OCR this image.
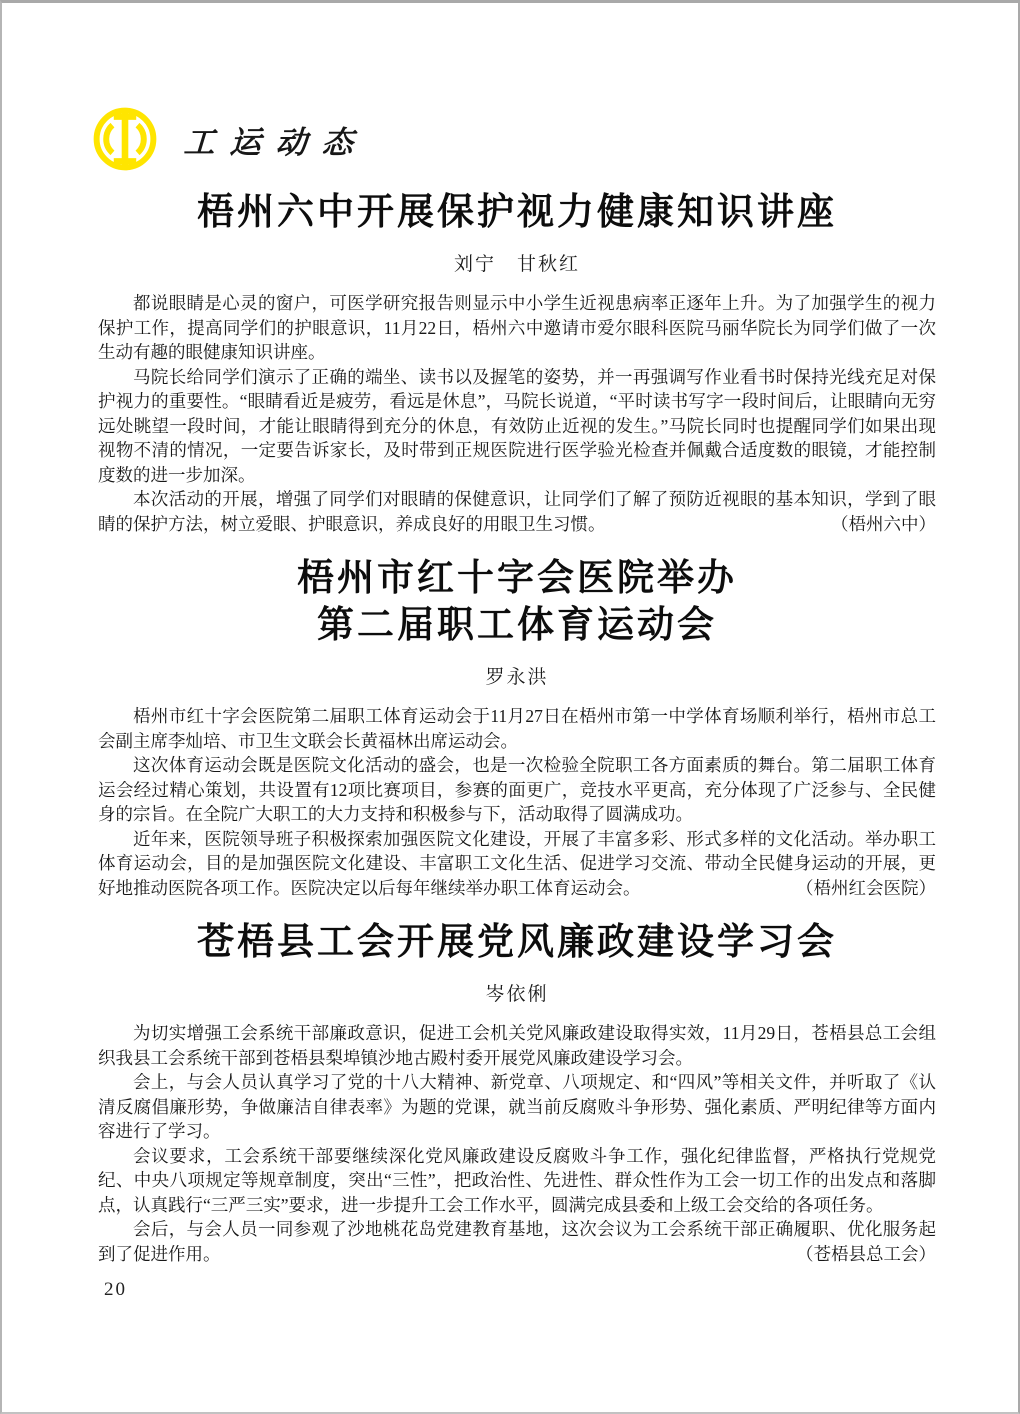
工运动态
梧州六中开展保护视力健康知识讲座
刘宁　甘秋红

都说眼睛是心灵的窗户，可医学研究报告则显示中小学生近视患病率正逐年上升。为了加强学生的视力保护工作，提高同学们的护眼意识，11月22日，梧州六中邀请市爱尔眼科医院马丽华院长为同学们做了一次生动有趣的眼健康知识讲座。

马院长给同学们演示了正确的端坐、读书以及握笔的姿势，并一再强调写作业看书时保持光线充足对保护视力的重要性。“眼睛看近是疲劳，看远是休息”，马院长说道，“平时读书写字一段时间后，让眼睛向无穷远处眺望一段时间，才能让眼睛得到充分的休息，有效防止近视的发生。”马院长同时也提醒同学们如果出现视物不清的情况，一定要告诉家长，及时带到正规医院进行医学验光检查并佩戴合适度数的眼镜，才能控制度数的进一步加深。

本次活动的开展，增强了同学们对眼睛的保健意识，让同学们了解了预防近视眼的基本知识，学到了眼睛的保护方法，树立爱眼、护眼意识，养成良好的用眼卫生习惯。	（梧州六中）

梧州市红十字会医院举办
第二届职工体育运动会
罗永洪

梧州市红十字会医院第二届职工体育运动会于11月27日在梧州市第一中学体育场顺利举行，梧州市总工会副主席李灿培、市卫生文联会长黄福林出席运动会。

这次体育运动会既是医院文化活动的盛会，也是一次检验全院职工各方面素质的舞台。第二届职工体育运会经过精心策划，共设置有12项比赛项目，参赛的面更广，竞技水平更高，充分体现了广泛参与、全民健身的宗旨。在全院广大职工的大力支持和积极参与下，活动取得了圆满成功。

近年来，医院领导班子积极探索加强医院文化建设，开展了丰富多彩、形式多样的文化活动。举办职工体育运动会，目的是加强医院文化建设、丰富职工文化生活、促进学习交流、带动全民健身运动的开展，更好地推动医院各项工作。医院决定以后每年继续举办职工体育运动会。	（梧州红会医院）

苍梧县工会开展党风廉政建设学习会
岑依俐

为切实增强工会系统干部廉政意识，促进工会机关党风廉政建设取得实效，11月29日，苍梧县总工会组织我县工会系统干部到苍梧县梨埠镇沙地古殿村委开展党风廉政建设学习会。

会上，与会人员认真学习了党的十八大精神、新党章、八项规定、和“四风”等相关文件，并听取了《认清反腐倡廉形势，争做廉洁自律表率》为题的党课，就当前反腐败斗争形势、强化素质、严明纪律等方面内容进行了学习。

会议要求，工会系统干部要继续深化党风廉政建设反腐败斗争工作，强化纪律监督，严格执行党规党纪、中央八项规定等规章制度，突出“三性”，把政治性、先进性、群众性作为工会一切工作的出发点和落脚点，认真践行“三严三实”要求，进一步提升工会工作水平，圆满完成县委和上级工会交给的各项任务。

会后，与会人员一同参观了沙地桃花岛党建教育基地，这次会议为工会系统干部正确履职、优化服务起到了促进作用。	（苍梧县总工会）

20
